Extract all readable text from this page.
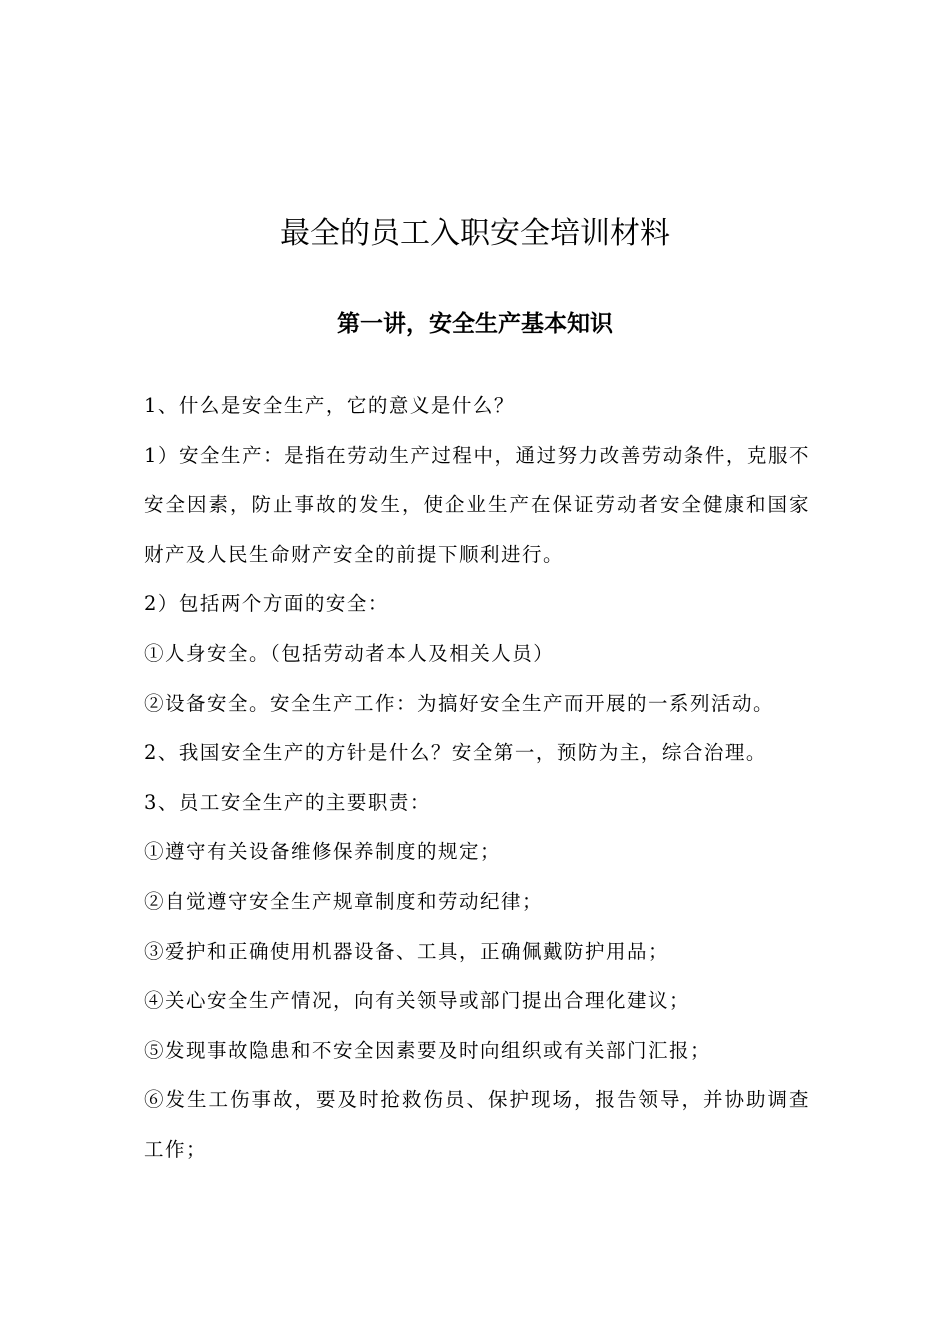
最全的员工入职安全培训材料
第一讲，安全生产基本知识

1、什么是安全生产，它的意义是什么？

1）安全生产：是指在劳动生产过程中，通过努力改善劳动条件，克服不安全因素，防止事故的发生，使企业生产在保证劳动者安全健康和国家财产及人民生命财产安全的前提下顺利进行。

2）包括两个方面的安全：

①人身安全。（包括劳动者本人及相关人员）

②设备安全。安全生产工作：为搞好安全生产而开展的一系列活动。

2、我国安全生产的方针是什么？安全第一，预防为主，综合治理。

3、员工安全生产的主要职责：

①遵守有关设备维修保养制度的规定；

②自觉遵守安全生产规章制度和劳动纪律；

③爱护和正确使用机器设备、工具，正确佩戴防护用品；

④关心安全生产情况，向有关领导或部门提出合理化建议；

⑤发现事故隐患和不安全因素要及时向组织或有关部门汇报；

⑥发生工伤事故，要及时抢救伤员、保护现场，报告领导，并协助调查工作；
